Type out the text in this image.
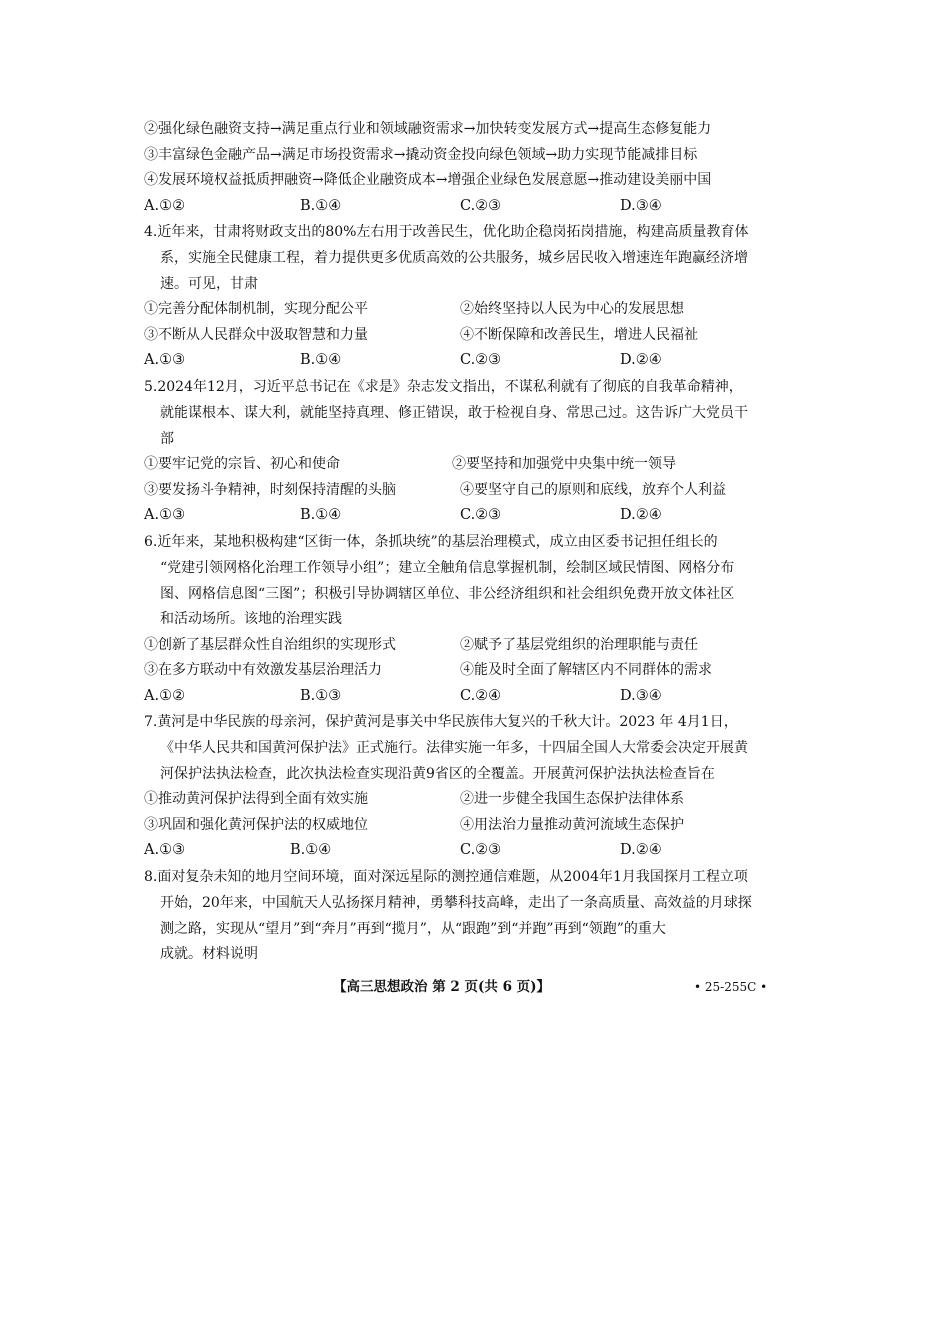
②强化绿色融资支持→满足重点行业和领域融资需求→加快转变发展方式→提高生态修复能力
③丰富绿色金融产品→满足市场投资需求→撬动资金投向绿色领域→助力实现节能减排目标
④发展环境权益抵质押融资→降低企业融资成本→增强企业绿色发展意愿→推动建设美丽中国
A.①②	B.①④	C.②③	D.③④
4.近年来，甘肃将财政支出的80%左右用于改善民生，优化助企稳岗拓岗措施，构建高质量教育体
系，实施全民健康工程，着力提供更多优质高效的公共服务，城乡居民收入增速连年跑赢经济增
速。可见，甘肃
①完善分配体制机制，实现分配公平	②始终坚持以人民为中心的发展思想
③不断从人民群众中汲取智慧和力量	④不断保障和改善民生，增进人民福祉
A.①③	B.①④	C.②③	D.②④
5.2024年12月，习近平总书记在《求是》杂志发文指出，不谋私利就有了彻底的自我革命精神，
就能谋根本、谋大利，就能坚持真理、修正错误，敢于检视自身、常思己过。这告诉广大党员干
部
①要牢记党的宗旨、初心和使命	②要坚持和加强党中央集中统一领导
③要发扬斗争精神，时刻保持清醒的头脑	④要坚守自己的原则和底线，放弃个人利益
A.①③	B.①④	C.②③	D.②④
6.近年来，某地积极构建“区街一体，条抓块统”的基层治理模式，成立由区委书记担任组长的
“党建引领网格化治理工作领导小组”；建立全触角信息掌握机制，绘制区域民情图、网格分布
图、网格信息图“三图”；积极引导协调辖区单位、非公经济组织和社会组织免费开放文体社区
和活动场所。该地的治理实践
①创新了基层群众性自治组织的实现形式	②赋予了基层党组织的治理职能与责任
③在多方联动中有效激发基层治理活力	④能及时全面了解辖区内不同群体的需求
A.①②	B.①③	C.②④	D.③④
7.黄河是中华民族的母亲河，保护黄河是事关中华民族伟大复兴的千秋大计。2023 年 4月1日，
《中华人民共和国黄河保护法》正式施行。法律实施一年多，十四届全国人大常委会决定开展黄
河保护法执法检查，此次执法检查实现沿黄9省区的全覆盖。开展黄河保护法执法检查旨在
①推动黄河保护法得到全面有效实施	②进一步健全我国生态保护法律体系
③巩固和强化黄河保护法的权威地位	④用法治力量推动黄河流域生态保护
A.①③	B.①④	C.②③	D.②④
8.面对复杂未知的地月空间环境，面对深远星际的测控通信难题，从2004年1月我国探月工程立项
开始，20年来，中国航天人弘扬探月精神，勇攀科技高峰，走出了一条高质量、高效益的月球探
测之路，实现从“望月”到“奔月”再到“揽月”，从“跟跑”到“并跑”再到“领跑”的重大
成就。材料说明
【高三思想政治 第 2 页(共 6 页)】	• 25-255C •
